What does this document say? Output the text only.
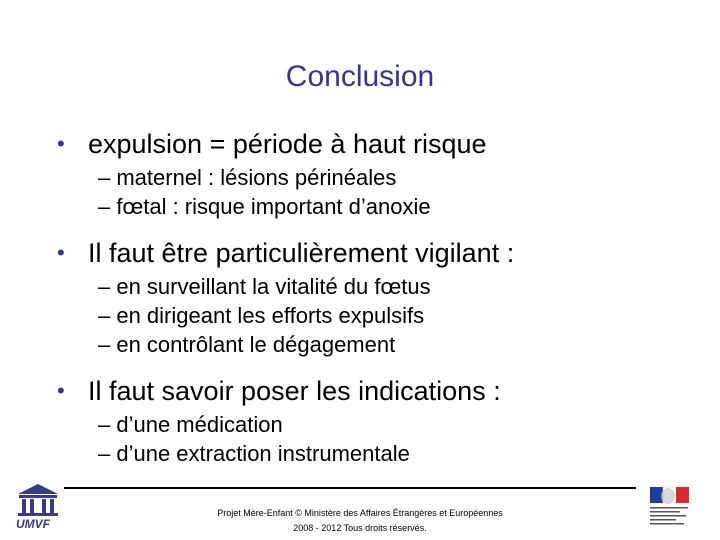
Conclusion
• expulsion = période à haut risque
– maternel : lésions périnéales
– fœtal : risque important d’anoxie
• Il faut être particulièrement vigilant :
– en surveillant la vitalité du fœtus
– en dirigeant les efforts expulsifs
– en contrôlant le dégagement
• Il faut savoir poser les indications :
– d’une médication
– d’une extraction instrumentale
UMVF
Projet Mère-Enfant © Ministère des Affaires Étrangères et Européennes
2008 - 2012 Tous droits réservés.
